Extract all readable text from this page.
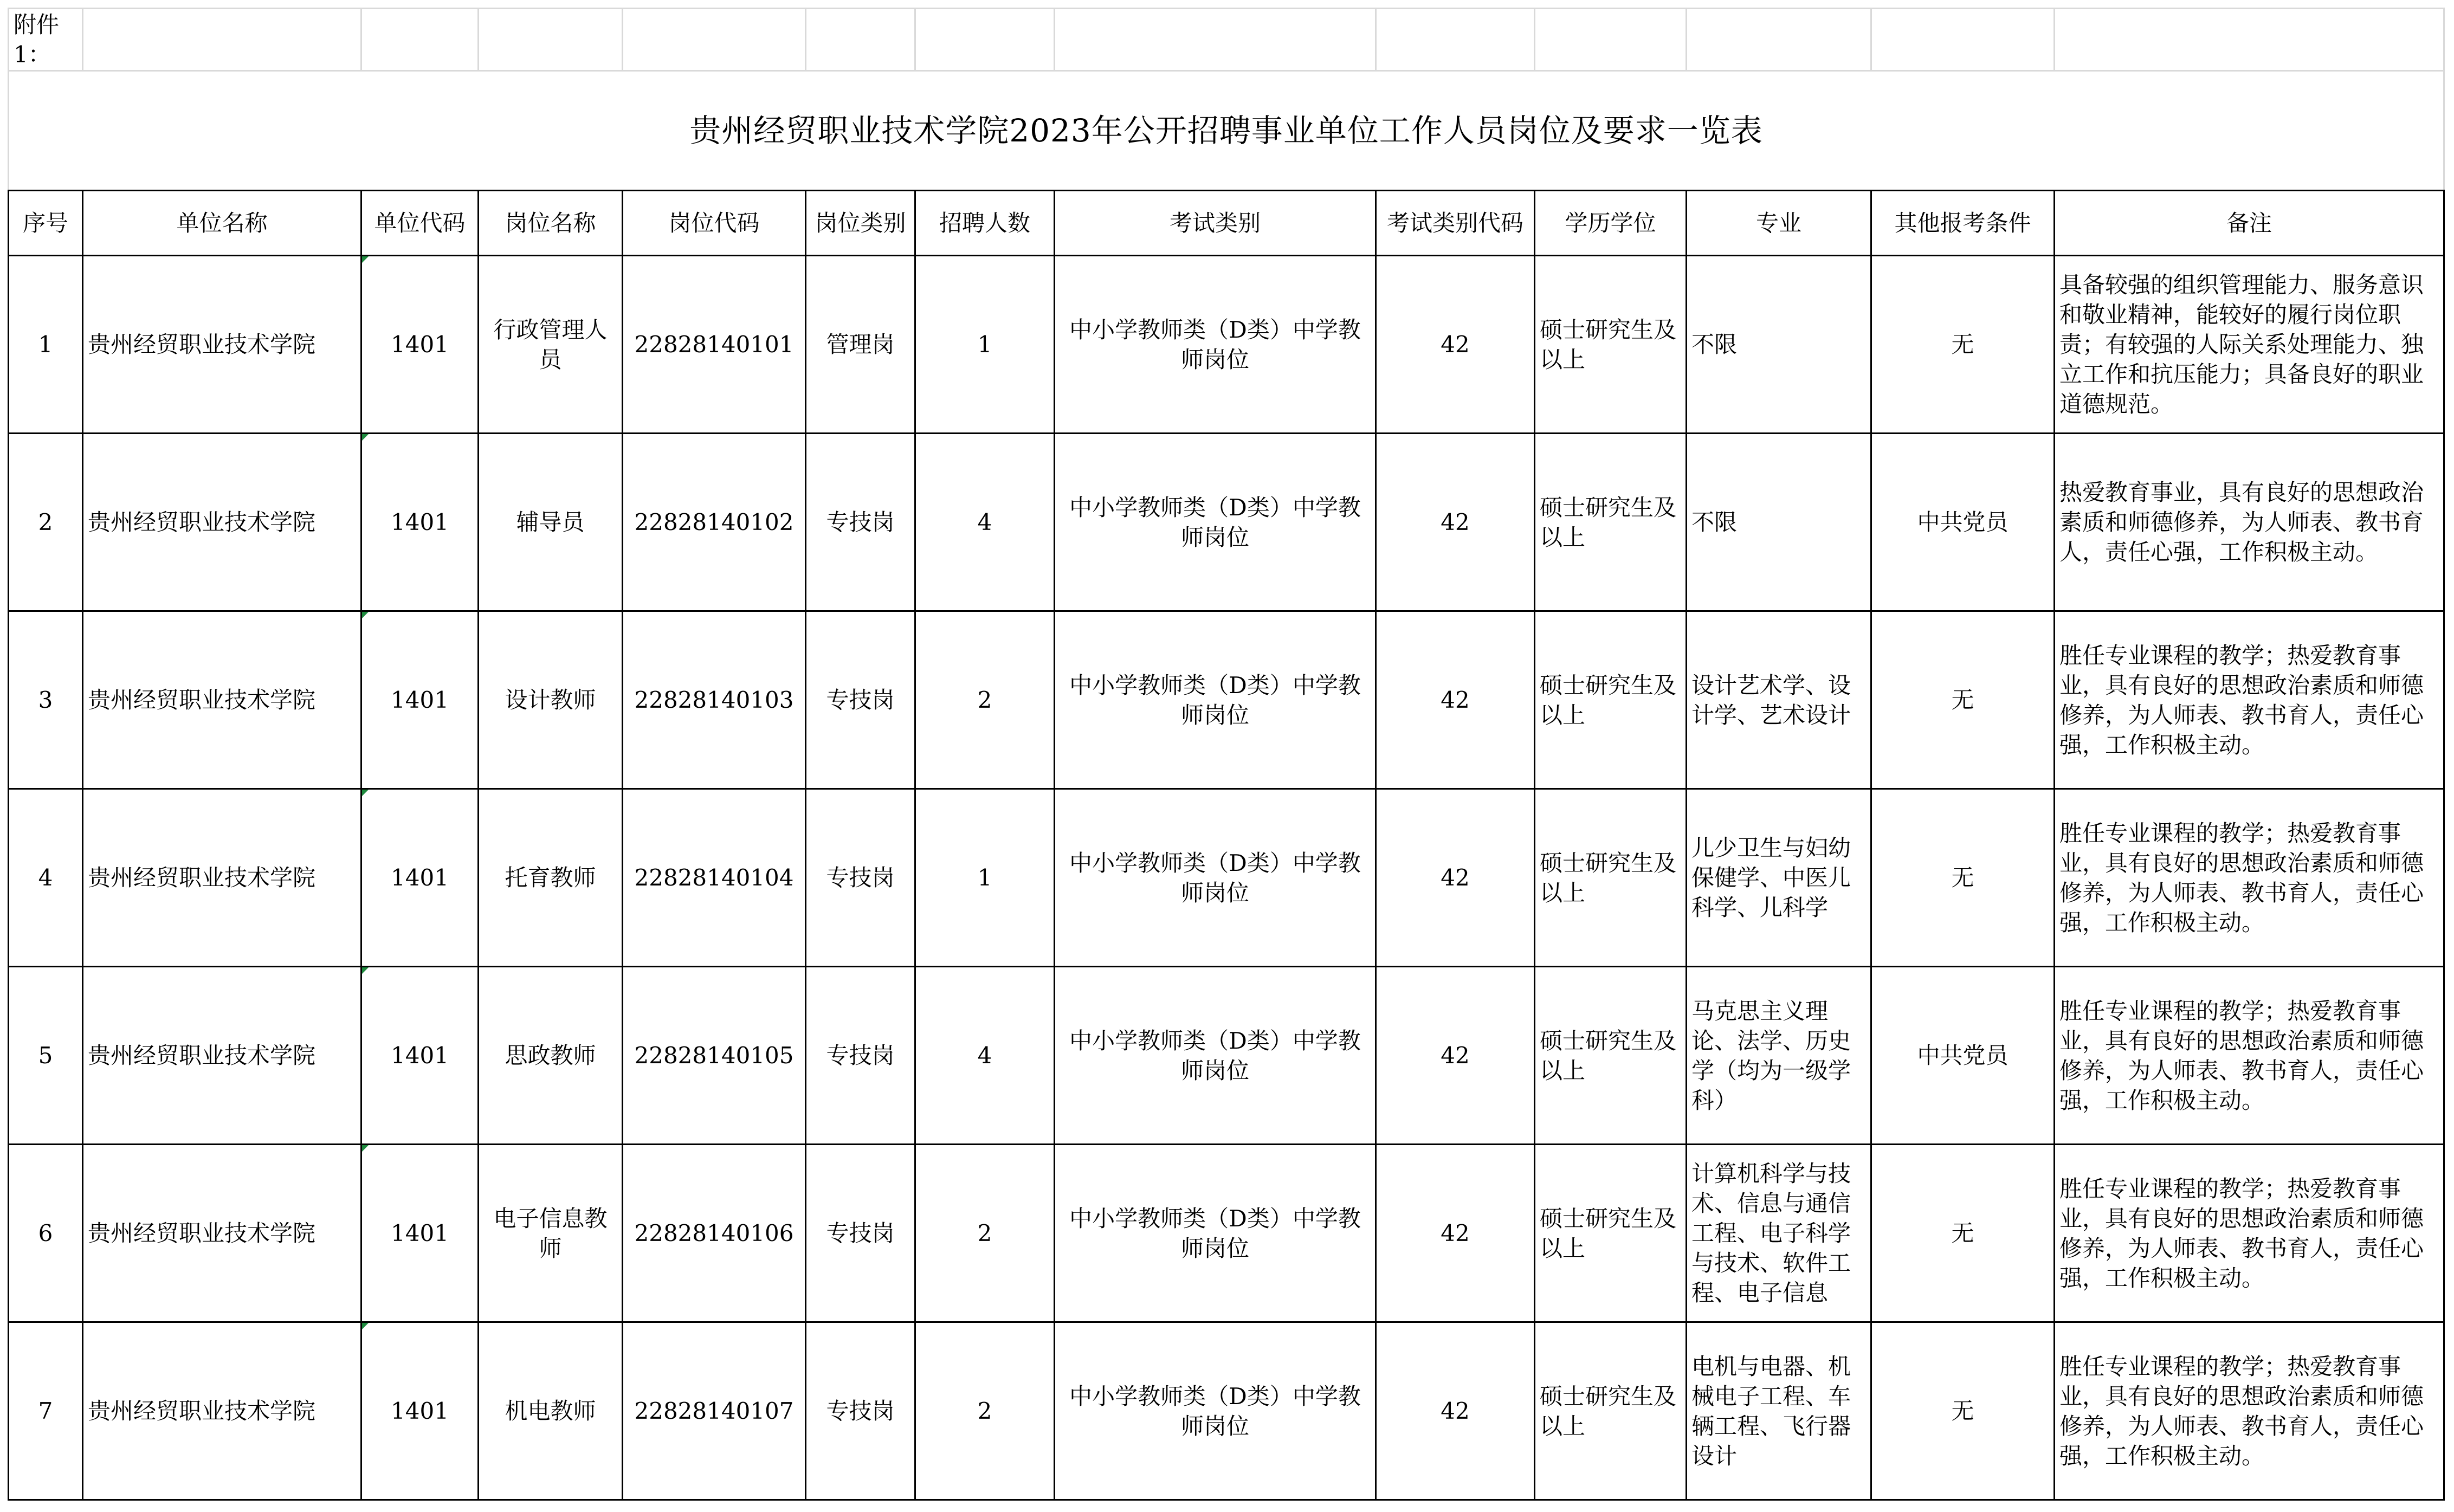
附件1：												
贵州经贸职业技术学院2023年公开招聘事业单位工作人员岗位及要求一览表												
序号	单位名称	单位代码	岗位名称	岗位代码	岗位类别	招聘人数	考试类别	考试类别代码	学历学位	专业	其他报考条件	备注
1	贵州经贸职业技术学院	1401	行政管理人员	22828140101	管理岗	1	中小学教师类（D类）中学教师岗位	42	硕士研究生及以上	不限	无	具备较强的组织管理能力、服务意识和敬业精神，能较好的履行岗位职责；有较强的人际关系处理能力、独立工作和抗压能力；具备良好的职业道德规范。
2	贵州经贸职业技术学院	1401	辅导员	22828140102	专技岗	4	中小学教师类（D类）中学教师岗位	42	硕士研究生及以上	不限	中共党员	热爱教育事业，具有良好的思想政治素质和师德修养，为人师表、教书育人，责任心强，工作积极主动。
3	贵州经贸职业技术学院	1401	设计教师	22828140103	专技岗	2	中小学教师类（D类）中学教师岗位	42	硕士研究生及以上	设计艺术学、设计学、艺术设计	无	胜任专业课程的教学；热爱教育事业，具有良好的思想政治素质和师德修养，为人师表、教书育人，责任心强，工作积极主动。
4	贵州经贸职业技术学院	1401	托育教师	22828140104	专技岗	1	中小学教师类（D类）中学教师岗位	42	硕士研究生及以上	儿少卫生与妇幼保健学、中医儿科学、儿科学	无	胜任专业课程的教学；热爱教育事业，具有良好的思想政治素质和师德修养，为人师表、教书育人，责任心强，工作积极主动。
5	贵州经贸职业技术学院	1401	思政教师	22828140105	专技岗	4	中小学教师类（D类）中学教师岗位	42	硕士研究生及以上	马克思主义理论、法学、历史学（均为一级学科）	中共党员	胜任专业课程的教学；热爱教育事业，具有良好的思想政治素质和师德修养，为人师表、教书育人，责任心强，工作积极主动。
6	贵州经贸职业技术学院	1401	电子信息教师	22828140106	专技岗	2	中小学教师类（D类）中学教师岗位	42	硕士研究生及以上	计算机科学与技术、信息与通信工程、电子科学与技术、软件工程、电子信息	无	胜任专业课程的教学；热爱教育事业，具有良好的思想政治素质和师德修养，为人师表、教书育人，责任心强，工作积极主动。
7	贵州经贸职业技术学院	1401	机电教师	22828140107	专技岗	2	中小学教师类（D类）中学教师岗位	42	硕士研究生及以上	电机与电器、机械电子工程、车辆工程、飞行器设计	无	胜任专业课程的教学；热爱教育事业，具有良好的思想政治素质和师德修养，为人师表、教书育人，责任心强，工作积极主动。
